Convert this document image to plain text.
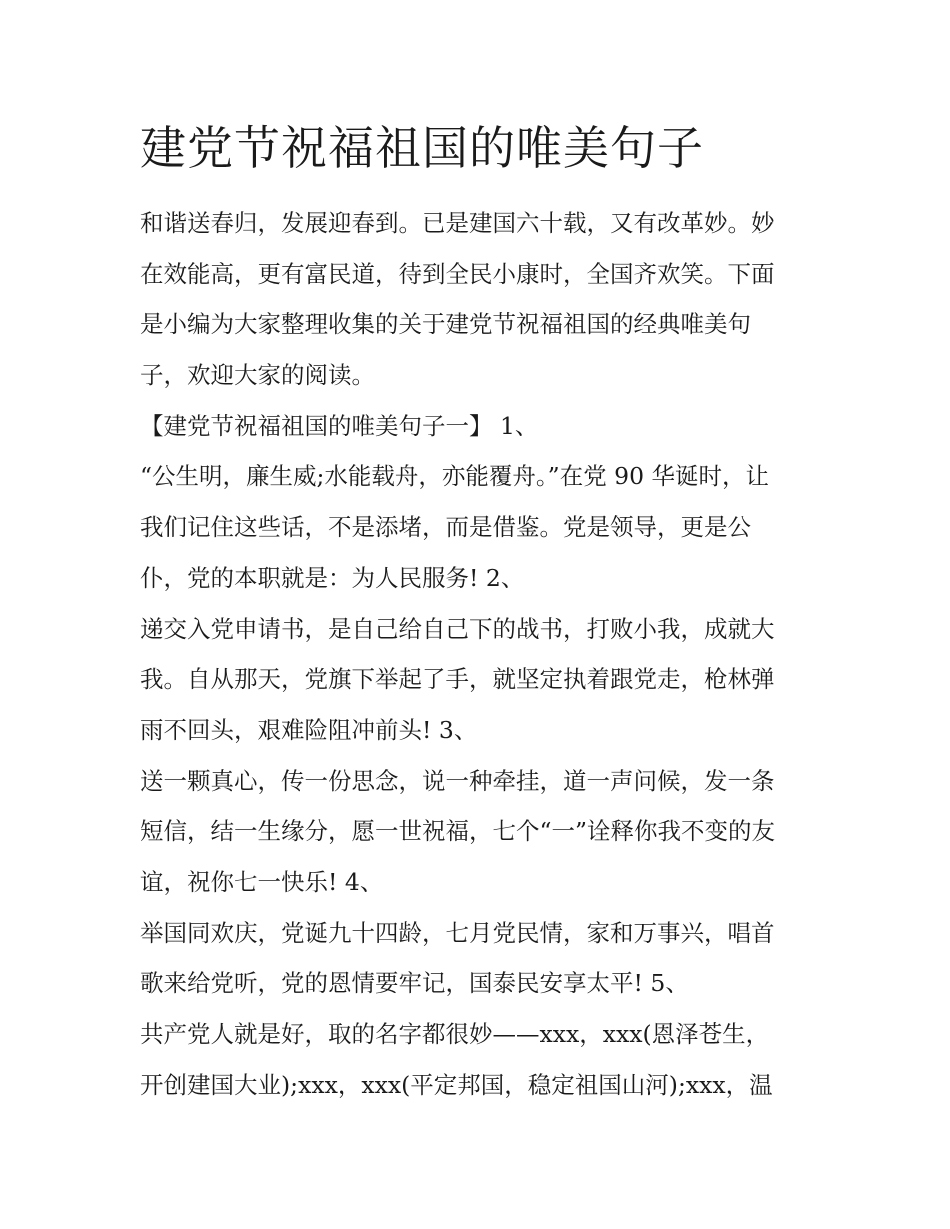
建党节祝福祖国的唯美句子
和谐送春归，发展迎春到。已是建国六十载，又有改革妙。妙
在效能高，更有富民道，待到全民小康时，全国齐欢笑。下面
是小编为大家整理收集的关于建党节祝福祖国的经典唯美句
子，欢迎大家的阅读。
【建党节祝福祖国的唯美句子一】 1、
“公生明，廉生威;水能载舟，亦能覆舟。”在党 90 华诞时，让
我们记住这些话，不是添堵，而是借鉴。党是领导，更是公
仆，党的本职就是：为人民服务! 2、
递交入党申请书，是自己给自己下的战书，打败小我，成就大
我。自从那天，党旗下举起了手，就坚定执着跟党走，枪林弹
雨不回头，艰难险阻冲前头! 3、
送一颗真心，传一份思念，说一种牵挂，道一声问候，发一条
短信，结一生缘分，愿一世祝福，七个“一”诠释你我不变的友
谊，祝你七一快乐! 4、
举国同欢庆，党诞九十四龄，七月党民情，家和万事兴，唱首
歌来给党听，党的恩情要牢记，国泰民安享太平! 5、
共产党人就是好，取的名字都很妙——xxx，xxx(恩泽苍生，
开创建国大业);xxx，xxx(平定邦国，稳定祖国山河);xxx，温
